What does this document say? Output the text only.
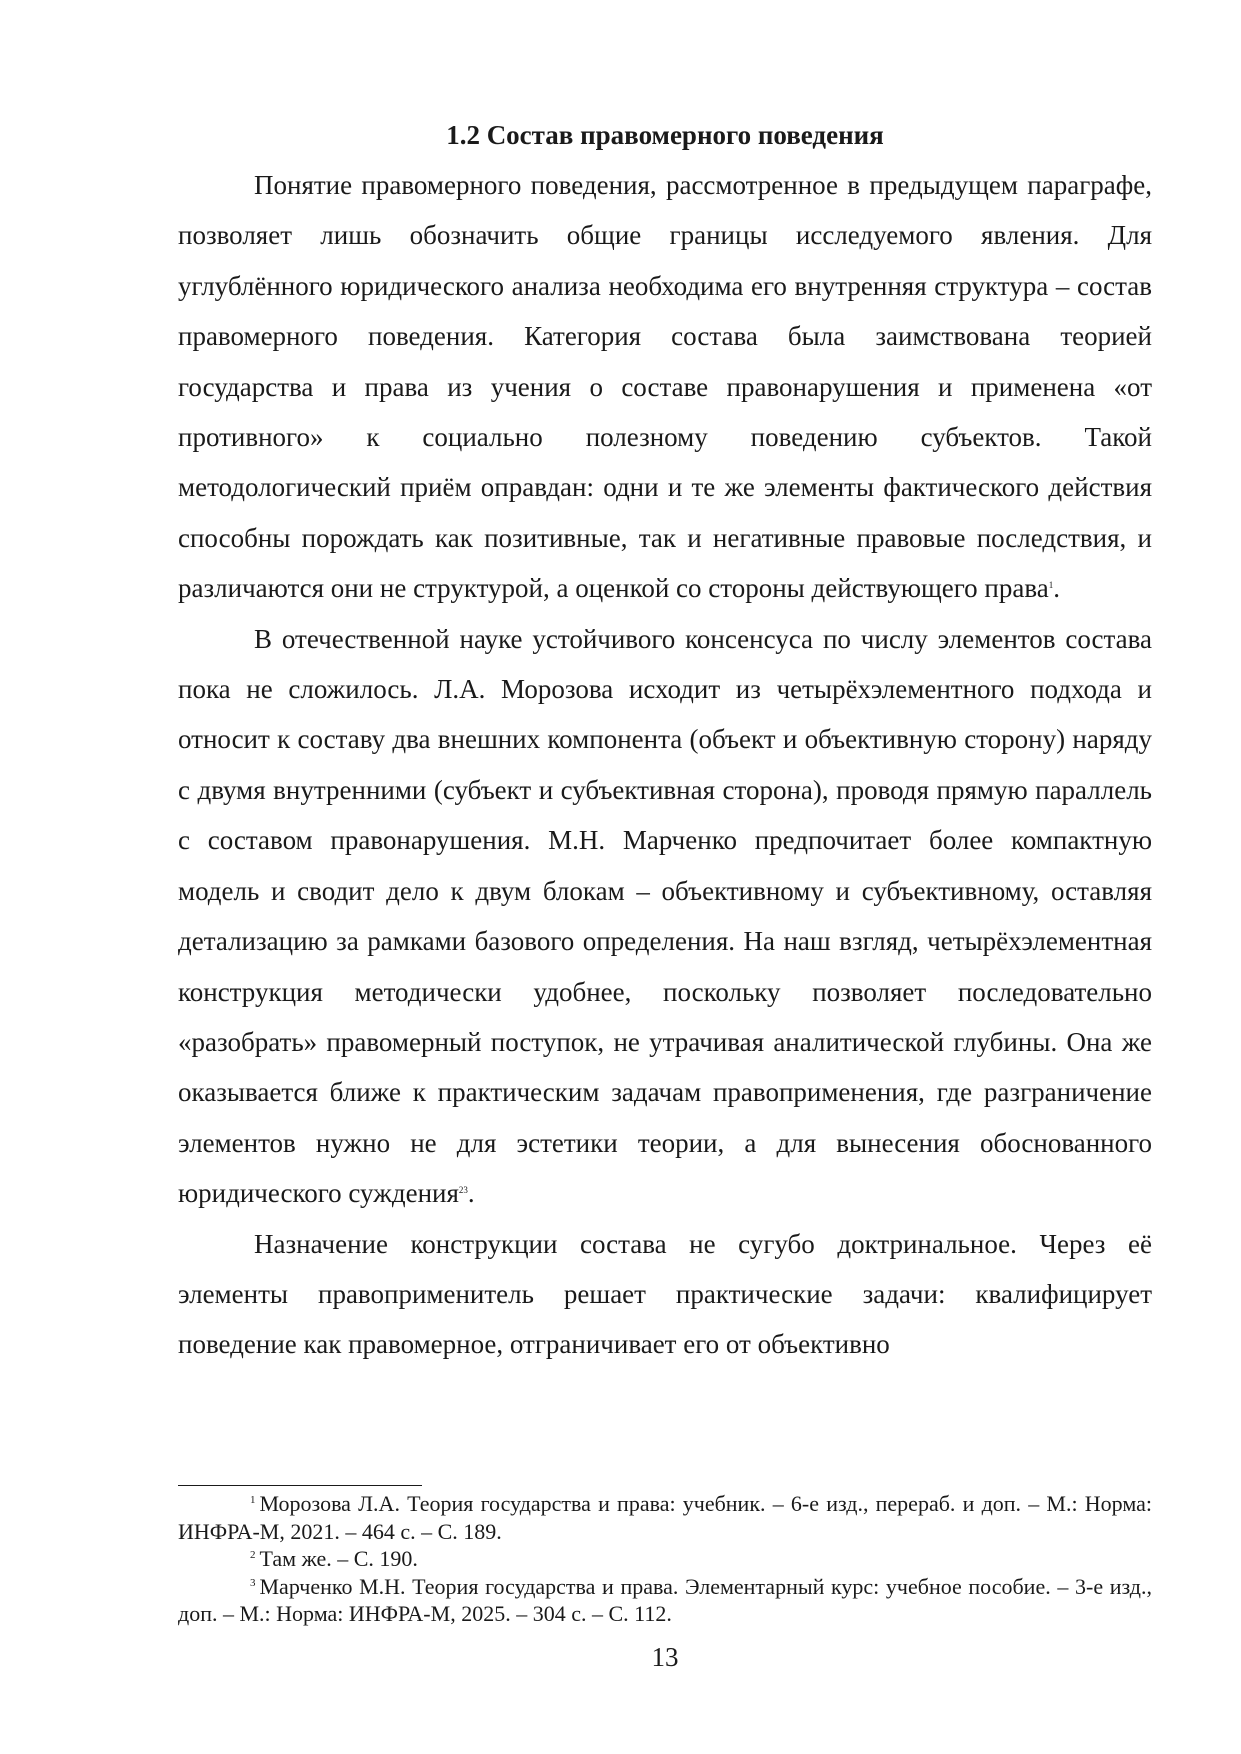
1.2 Состав правомерного поведения

Понятие правомерного поведения, рассмотренное в предыдущем параграфе, позволяет лишь обозначить общие границы исследуемого явления. Для углублённого юридического анализа необходима его внутренняя структура – состав правомерного поведения. Категория состава была заимствована теорией государства и права из учения о составе правонарушения и применена «от противного» к социально полезному поведению субъектов. Такой методологический приём оправдан: одни и те же элементы фактического действия способны порождать как позитивные, так и негативные правовые последствия, и различаются они не структурой, а оценкой со стороны действующего права$^1$.

В отечественной науке устойчивого консенсуса по числу элементов состава пока не сложилось. Л.А. Морозова исходит из четырёхэлементного подхода и относит к составу два внешних компонента (объект и объективную сторону) наряду с двумя внутренними (субъект и субъективная сторона), проводя прямую параллель с составом правонарушения. М.Н. Марченко предпочитает более компактную модель и сводит дело к двум блокам – объективному и субъективному, оставляя детализацию за рамками базового определения. На наш взгляд, четырёхэлементная конструкция методически удобнее, поскольку позволяет последовательно «разобрать» правомерный поступок, не утрачивая аналитической глубины. Она же оказывается ближе к практическим задачам правоприменения, где разграничение элементов нужно не для эстетики теории, а для вынесения обоснованного юридического суждения$^{23}$.

Назначение конструкции состава не сугубо доктринальное. Через её элементы правоприменитель решает практические задачи: квалифицирует поведение как правомерное, отграничивает его от объективно

$^1$ Морозова Л.А. Теория государства и права: учебник. – 6-е изд., перераб. и доп. – М.: Норма: ИНФРА-М, 2021. – 464 с. – С. 189.

$^2$ Там же. – С. 190.

$^3$ Марченко М.Н. Теория государства и права. Элементарный курс: учебное пособие. – 3-е изд., доп. – М.: Норма: ИНФРА-М, 2025. – 304 с. – С. 112.

13
